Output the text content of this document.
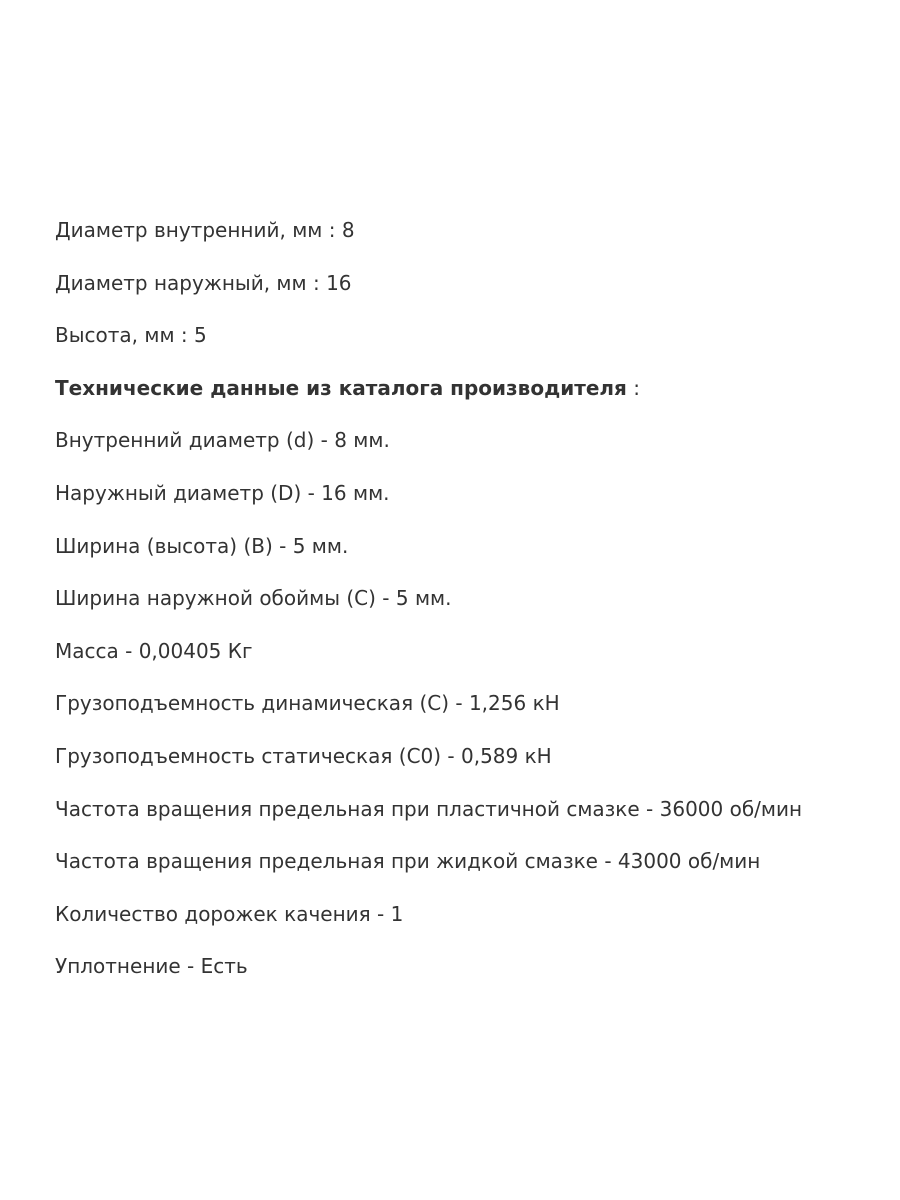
Диаметр внутренний, мм : 8

Диаметр наружный, мм : 16

Высота, мм : 5

Технические данные из каталога производителя :

Внутренний диаметр (d) - 8 мм.

Наружный диаметр (D) - 16 мм.

Ширина (высота) (B) - 5 мм.

Ширина наружной обоймы (C) - 5 мм.

Масса - 0,00405 Кг

Грузоподъемность динамическая (C) - 1,256 кН

Грузоподъемность статическая (C0) - 0,589 кН

Частота вращения предельная при пластичной смазке - 36000 об/мин

Частота вращения предельная при жидкой смазке - 43000 об/мин

Количество дорожек качения - 1

Уплотнение - Есть
